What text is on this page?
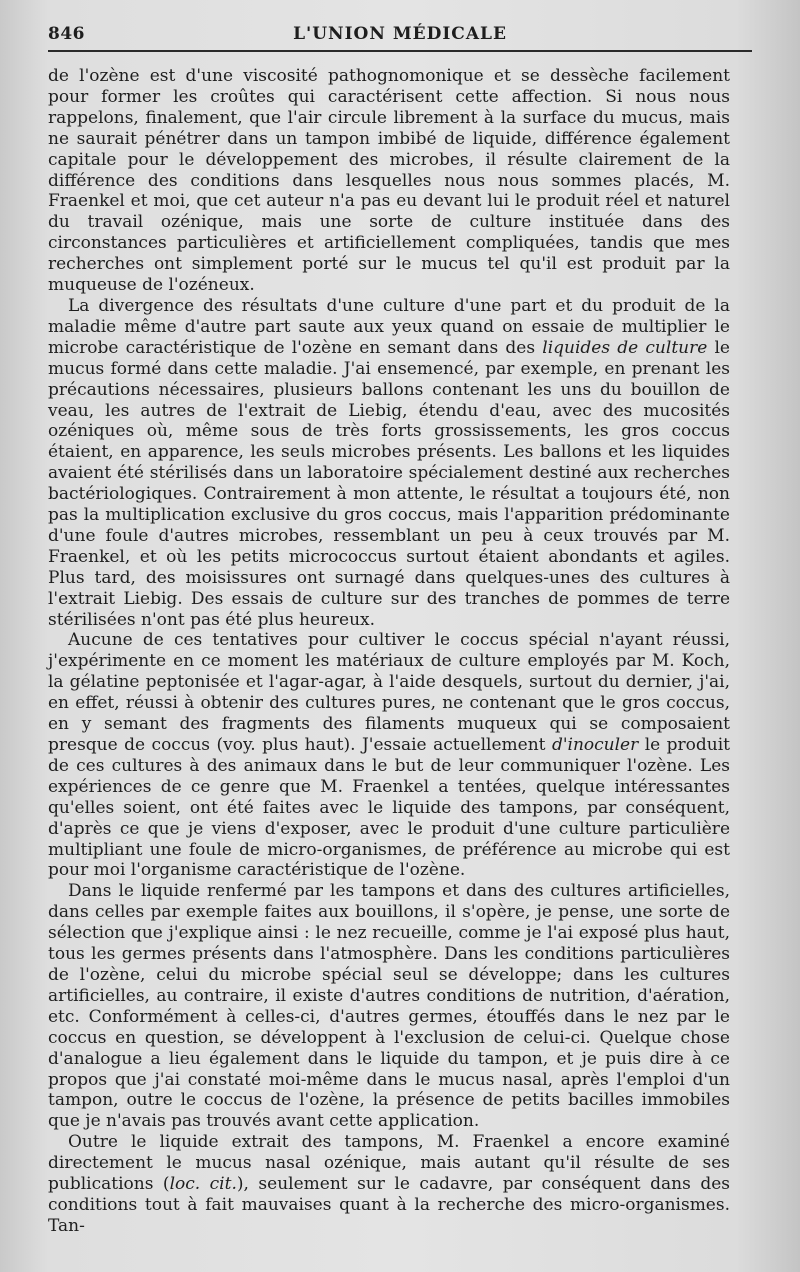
846	L'UNION MÉDICALE

de l'ozène est d'une viscosité pathognomonique et se dessèche facilement pour former les croûtes qui caractérisent cette affection. Si nous nous rappelons, finalement, que l'air circule librement à la surface du mucus, mais ne saurait pénétrer dans un tampon imbibé de liquide, différence également capitale pour le développement des microbes, il résulte clairement de la différence des conditions dans lesquelles nous nous sommes placés, M. Fraenkel et moi, que cet auteur n'a pas eu devant lui le produit réel et naturel du travail ozénique, mais une sorte de culture instituée dans des circonstances particulières et artificiellement compliquées, tandis que mes recherches ont simplement porté sur le mucus tel qu'il est produit par la muqueuse de l'ozéneux.

La divergence des résultats d'une culture d'une part et du produit de la maladie même d'autre part saute aux yeux quand on essaie de multiplier le microbe caractéristique de l'ozène en semant dans des liquides de culture le mucus formé dans cette maladie. J'ai ensemencé, par exemple, en prenant les précautions nécessaires, plusieurs ballons contenant les uns du bouillon de veau, les autres de l'extrait de Liebig, étendu d'eau, avec des mucosités ozéniques où, même sous de très forts grossissements, les gros coccus étaient, en apparence, les seuls microbes présents. Les ballons et les liquides avaient été stérilisés dans un laboratoire spécialement destiné aux recherches bactériologiques. Contrairement à mon attente, le résultat a toujours été, non pas la multiplication exclusive du gros coccus, mais l'apparition prédominante d'une foule d'autres microbes, ressemblant un peu à ceux trouvés par M. Fraenkel, et où les petits micrococcus surtout étaient abondants et agiles. Plus tard, des moisissures ont surnagé dans quelques-unes des cultures à l'extrait Liebig. Des essais de culture sur des tranches de pommes de terre stérilisées n'ont pas été plus heureux.

Aucune de ces tentatives pour cultiver le coccus spécial n'ayant réussi, j'expérimente en ce moment les matériaux de culture employés par M. Koch, la gélatine peptonisée et l'agar-agar, à l'aide desquels, surtout du dernier, j'ai, en effet, réussi à obtenir des cultures pures, ne contenant que le gros coccus, en y semant des fragments des filaments muqueux qui se composaient presque de coccus (voy. plus haut). J'essaie actuellement d'inoculer le produit de ces cultures à des animaux dans le but de leur communiquer l'ozène. Les expériences de ce genre que M. Fraenkel a tentées, quelque intéressantes qu'elles soient, ont été faites avec le liquide des tampons, par conséquent, d'après ce que je viens d'exposer, avec le produit d'une culture particulière multipliant une foule de micro-organismes, de préférence au microbe qui est pour moi l'organisme caractéristique de l'ozène.

Dans le liquide renfermé par les tampons et dans des cultures artificielles, dans celles par exemple faites aux bouillons, il s'opère, je pense, une sorte de sélection que j'explique ainsi : le nez recueille, comme je l'ai exposé plus haut, tous les germes présents dans l'atmosphère. Dans les conditions particulières de l'ozène, celui du microbe spécial seul se développe; dans les cultures artificielles, au contraire, il existe d'autres conditions de nutrition, d'aération, etc. Conformément à celles-ci, d'autres germes, étouffés dans le nez par le coccus en question, se développent à l'exclusion de celui-ci. Quelque chose d'analogue a lieu également dans le liquide du tampon, et je puis dire à ce propos que j'ai constaté moi-même dans le mucus nasal, après l'emploi d'un tampon, outre le coccus de l'ozène, la présence de petits bacilles immobiles que je n'avais pas trouvés avant cette application.

Outre le liquide extrait des tampons, M. Fraenkel a encore examiné directement le mucus nasal ozénique, mais autant qu'il résulte de ses publications (loc. cit.), seulement sur le cadavre, par conséquent dans des conditions tout à fait mauvaises quant à la recherche des micro-organismes. Tan-
